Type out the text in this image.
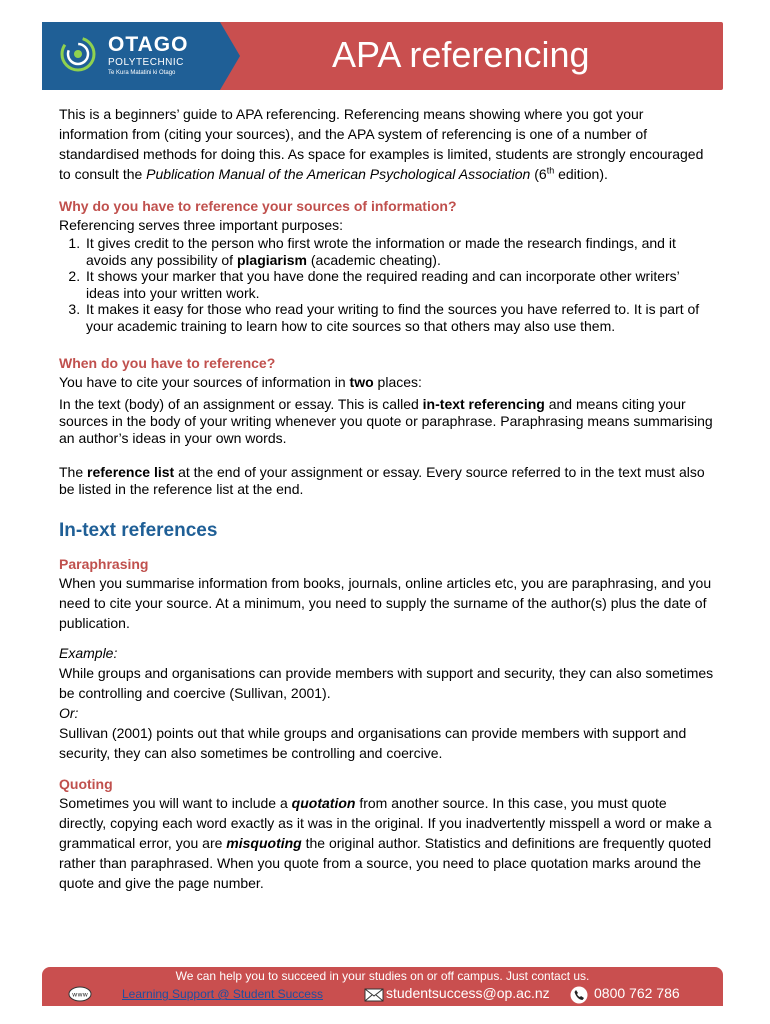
OTAGO
POLYTECHNIC
Te Kura Matatini ki Otago	APA referencing

This is a beginners’ guide to APA referencing. Referencing means showing where you got your information from (citing your sources), and the APA system of referencing is one of a number of standardised methods for doing this. As space for examples is limited, students are strongly encouraged to consult the Publication Manual of the American Psychological Association (6th edition).

Why do you have to reference your sources of information?

Referencing serves three important purposes:

1. It gives credit to the person who first wrote the information or made the research findings, and it avoids any possibility of plagiarism (academic cheating).
2. It shows your marker that you have done the required reading and can incorporate other writers’ ideas into your written work.
3. It makes it easy for those who read your writing to find the sources you have referred to. It is part of your academic training to learn how to cite sources so that others may also use them.

When do you have to reference?

You have to cite your sources of information in two places:

In the text (body) of an assignment or essay. This is called in-text referencing and means citing your sources in the body of your writing whenever you quote or paraphrase. Paraphrasing means summarising an author’s ideas in your own words.

The reference list at the end of your assignment or essay. Every source referred to in the text must also be listed in the reference list at the end.

In-text references

Paraphrasing

When you summarise information from books, journals, online articles etc, you are paraphrasing, and you need to cite your source. At a minimum, you need to supply the surname of the author(s) plus the date of publication.

Example:

While groups and organisations can provide members with support and security, they can also sometimes be controlling and coercive (Sullivan, 2001).

Or:

Sullivan (2001) points out that while groups and organisations can provide members with support and security, they can also sometimes be controlling and coercive.

Quoting

Sometimes you will want to include a quotation from another source. In this case, you must quote directly, copying each word exactly as it was in the original. If you inadvertently misspell a word or make a grammatical error, you are misquoting the original author. Statistics and definitions are frequently quoted rather than paraphrased. When you quote from a source, you need to place quotation marks around the quote and give the page number.

We can help you to succeed in your studies on or off campus. Just contact us.
www	Learning Support @ Student Success	studentsuccess@op.ac.nz	0800 762 786
